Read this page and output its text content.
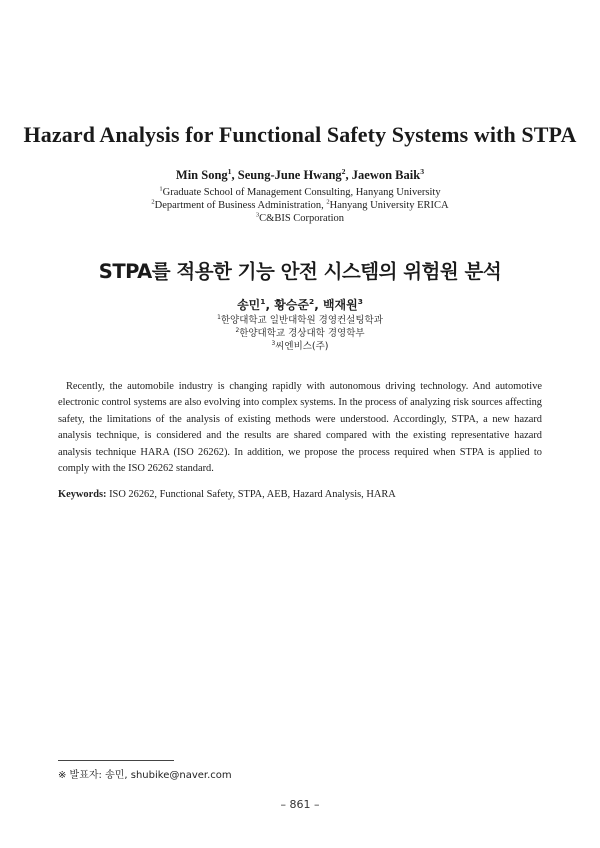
Hazard Analysis for Functional Safety Systems with STPA
Min Song$^1$, Seung-June Hwang$^2$, Jaewon Baik$^3$
$^1$Graduate School of Management Consulting, Hanyang University
$^2$Department of Business Administration, $^2$Hanyang University ERICA
$^3$C&BIS Corporation
STPA를 적용한 기능 안전 시스템의 위험원 분석
송민$^1$, 황승준$^2$, 백재원$^3$
$^1$한양대학교 일반대학원 경영컨설팅학과
$^2$한양대학교 경상대학 경영학부
$^3$씨엔비스(주)

Recently, the automobile industry is changing rapidly with autonomous driving technology. And automotive electronic control systems are also evolving into complex systems. In the process of analyzing risk sources affecting safety, the limitations of the analysis of existing methods were understood. Accordingly, STPA, a new hazard analysis technique, is considered and the results are shared compared with the existing representative hazard analysis technique HARA (ISO 26262). In addition, we propose the process required when STPA is applied to comply with the ISO 26262 standard.

Keywords: ISO 26262, Functional Safety, STPA, AEB, Hazard Analysis, HARA

※ 발표자: 송민, shubike@naver.com
– 861 –
